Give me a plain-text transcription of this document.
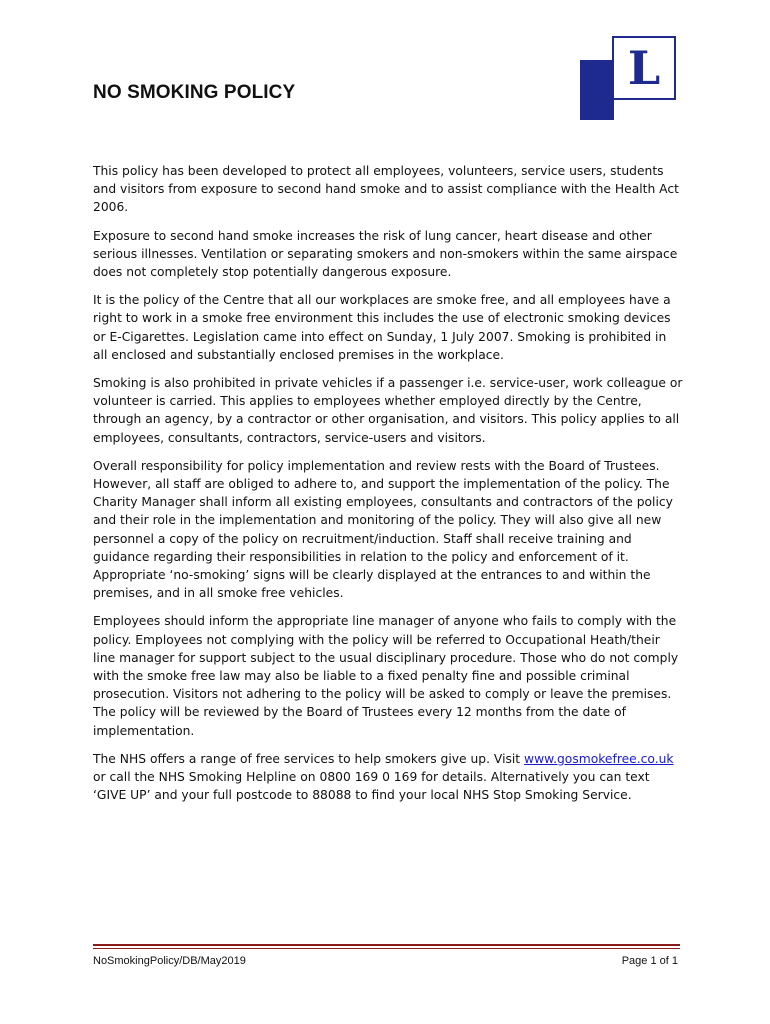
L
NO SMOKING POLICY

This policy has been developed to protect all employees, volunteers, service users, students and visitors from exposure to second hand smoke and to assist compliance with the Health Act 2006.

Exposure to second hand smoke increases the risk of lung cancer, heart disease and other serious illnesses. Ventilation or separating smokers and non-smokers within the same airspace does not completely stop potentially dangerous exposure.

It is the policy of the Centre that all our workplaces are smoke free, and all employees have a right to work in a smoke free environment this includes the use of electronic smoking devices or E-Cigarettes. Legislation came into effect on Sunday, 1 July 2007. Smoking is prohibited in all enclosed and substantially enclosed premises in the workplace.

Smoking is also prohibited in private vehicles if a passenger i.e. service-user, work colleague or volunteer is carried. This applies to employees whether employed directly by the Centre, through an agency, by a contractor or other organisation, and visitors. This policy applies to all employees, consultants, contractors, service-users and visitors.

Overall responsibility for policy implementation and review rests with the Board of Trustees. However, all staff are obliged to adhere to, and support the implementation of the policy. The Charity Manager shall inform all existing employees, consultants and contractors of the policy and their role in the implementation and monitoring of the policy. They will also give all new personnel a copy of the policy on recruitment/induction. Staff shall receive training and guidance regarding their responsibilities in relation to the policy and enforcement of it. Appropriate ‘no-smoking’ signs will be clearly displayed at the entrances to and within the premises, and in all smoke free vehicles.

Employees should inform the appropriate line manager of anyone who fails to comply with the policy. Employees not complying with the policy will be referred to Occupational Heath/their line manager for support subject to the usual disciplinary procedure. Those who do not comply with the smoke free law may also be liable to a fixed penalty fine and possible criminal prosecution. Visitors not adhering to the policy will be asked to comply or leave the premises. The policy will be reviewed by the Board of Trustees every 12 months from the date of implementation.

The NHS offers a range of free services to help smokers give up. Visit www.gosmokefree.co.uk or call the NHS Smoking Helpline on 0800 169 0 169 for details. Alternatively you can text ‘GIVE UP’ and your full postcode to 88088 to find your local NHS Stop Smoking Service.

NoSmokingPolicy/DB/May2019	Page 1 of 1
